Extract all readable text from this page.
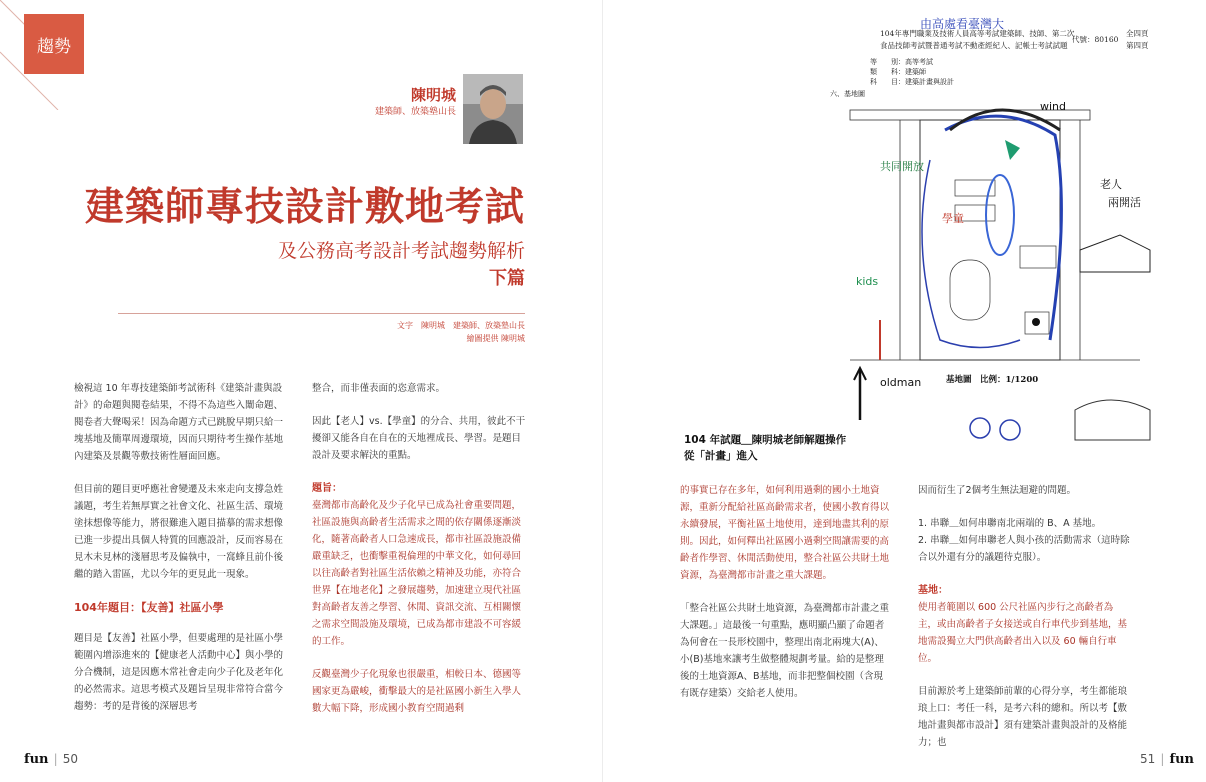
趨勢
陳明城
建築師、放築塾山長
建築師專技設計敷地考試
及公務高考設計考試趨勢解析
下篇
文字　陳明城　建築師、放築塾山長
繪圖提供 陳明城

檢視這 10 年專技建築師考試術科《建築計畫與設計》的命題與閱卷結果，不得不為這些入闈命題、閱卷者大聲喝采！因為命題方式已跳脫早期只給一塊基地及簡單周邊環境，因而只期待考生操作基地內建築及景觀等敷技術性層面回應。

但目前的題目更呼應社會變遷及未來走向支撐急姓議題，考生若無厚實之社會文化、社區生活、環境塗抹想像等能力，將很難進入題目描摹的需求想像已進一步提出具個人特質的回應設計，反而容易在見木未見林的淺層思考及偏執中，一窩蜂且前仆後繼的踏入雷區，尤以今年的更見此一現象。

104年題目：【友善】社區小學

題目是【友善】社區小學，但要處理的是社區小學範圍內增添進來的【健康老人活動中心】與小學的分合機制，這是因應木常社會走向少子化及老年化的必然需求。這思考模式及題旨呈現非常符合當今趨勢：考的是背後的深層思考

整合，而非僅表面的恣意需求。

因此【老人】vs.【學童】的分合、共用，彼此不干擾卻又能各自在自在的天地裡成長、學習。是題目設計及要求解決的重點。

題旨：

臺灣都市高齡化及少子化早已成為社會重要問題，社區設施與高齡者生活需求之間的依存關係逐漸淡化，隨著高齡者人口急速成長，都市社區設施設備嚴重缺乏，也衝擊重視倫理的中華文化，如何尋回以往高齡者對社區生活依賴之精神及功能，亦符合世界【在地老化】之發展趨勢，加速建立現代社區對高齡者友善之學習、休閒、資訊交流、互相關懷之需求空間設施及環境，已成為都市建設不可容緩的工作。

反觀臺灣少子化現象也很嚴重，相較日本、德國等國家更為嚴峻，衝擊最大的是社區國小新生入學人數大幅下降，形成國小教育空間過剩

104年專門職業及技術人員高等考試建築師、技師、第二次
食品技師考試暨普通考試不動產經紀人、記帳士考試試題
代號：80160
全四頁
第四頁
等　　別：高等考試
類　　科：建築師
科　　目：建築計畫與設計
六、基地圖
由高處看臺灣大
老人
兩開活
kids
wind
oldman
學童
共同開放
基地圖　比例：1/1200
104 年試題＿陳明城老師解題操作從「計畫」進入

的事實已存在多年，如何利用過剩的國小土地資源，重新分配給社區高齡需求者，使國小教育得以永續發展，平衡社區土地使用，達到地盡其利的原則。因此，如何釋出社區國小過剩空間讓需要的高齡者作學習、休閒活動使用，整合社區公共財土地資源，為臺灣都市計畫之重大課題。

「整合社區公共財土地資源，為臺灣都市計畫之重大課題。」這最後一句重點，應明顯凸顯了命題者為何會在一長形校園中，整理出南北兩塊大(A)、小(B)基地來讓考生做整體規劃考量。給的是整理後的土地資源A、B基地，而非把整個校園（含現有既存建築）交給老人使用。

因而衍生了2個考生無法迴避的問題。

1. 串聯＿如何串聯南北兩端的 B、A 基地。

2. 串聯＿如何串聯老人與小孩的活動需求（這時除合以外還有分的議題待克服）。

基地：

使用者範圍以 600 公尺社區內步行之高齡者為主，或由高齡者子女接送或自行車代步到基地，基地需設獨立大門供高齡者出入以及 60 輛自行車位。

目前源於考上建築師前輩的心得分享，考生都能琅琅上口：考任一科，是考六科的總和。所以考【敷地計畫與都市設計】須有建築計畫與設計的及格能力；也

fun | 50	51 | fun
